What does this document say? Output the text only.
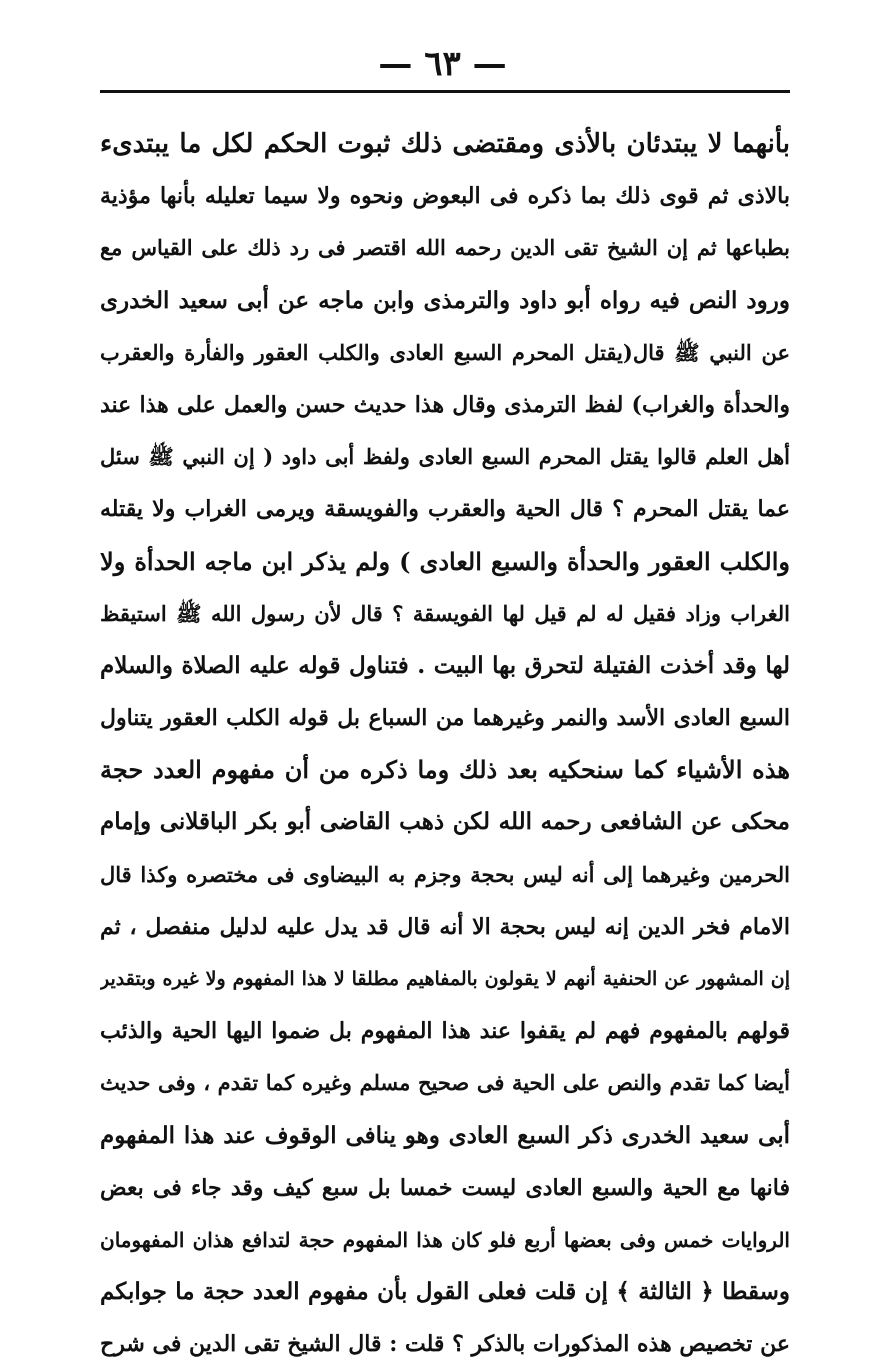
— ٦٣ —
بأنهما لا يبتدئان بالأذى ومقتضى ذلك ثبوت الحكم لكل ما يبتدىء
بالاذى ثم قوى ذلك بما ذكره فى البعوض ونحوه ولا سيما تعليله بأنها مؤذية
بطباعها ثم إن الشيخ تقى الدين رحمه الله اقتصر فى رد ذلك على القياس مع
ورود النص فيه رواه أبو داود والترمذى وابن ماجه عن أبى سعيد الخدرى
عن النبي ﷺ قال(يقتل المحرم السبع العادى والكلب العقور والفأرة والعقرب
والحدأة والغراب) لفظ الترمذى وقال هذا حديث حسن والعمل على هذا عند
أهل العلم قالوا يقتل المحرم السبع العادى ولفظ أبى داود ( إن النبي ﷺ سئل
عما يقتل المحرم ؟ قال الحية والعقرب والفويسقة ويرمى الغراب ولا يقتله
والكلب العقور والحدأة والسبع العادى ) ولم يذكر ابن ماجه الحدأة ولا
الغراب وزاد فقيل له لم قيل لها الفويسقة ؟ قال لأن رسول الله ﷺ استيقظ
لها وقد أخذت الفتيلة لتحرق بها البيت . فتناول قوله عليه الصلاة والسلام
السبع العادى الأسد والنمر وغيرهما من السباع بل قوله الكلب العقور يتناول
هذه الأشياء كما سنحكيه بعد ذلك وما ذكره من أن مفهوم العدد حجة
محكى عن الشافعى رحمه الله لكن ذهب القاضى أبو بكر الباقلانى وإمام
الحرمين وغيرهما إلى أنه ليس بحجة وجزم به البيضاوى فى مختصره وكذا قال
الامام فخر الدين إنه ليس بحجة الا أنه قال قد يدل عليه لدليل منفصل ، ثم
إن المشهور عن الحنفية أنهم لا يقولون بالمفاهيم مطلقا لا هذا المفهوم ولا غيره وبتقدير
قولهم بالمفهوم فهم لم يقفوا عند هذا المفهوم بل ضموا اليها الحية والذئب
أيضا كما تقدم والنص على الحية فى صحيح مسلم وغيره كما تقدم ، وفى حديث
أبى سعيد الخدرى ذكر السبع العادى وهو ينافى الوقوف عند هذا المفهوم
فانها مع الحية والسبع العادى ليست خمسا بل سبع كيف وقد جاء فى بعض
الروايات خمس وفى بعضها أربع فلو كان هذا المفهوم حجة لتدافع هذان المفهومان
وسقطا ﴿ الثالثة ﴾ إن قلت فعلى القول بأن مفهوم العدد حجة ما جوابكم
عن تخصيص هذه المذكورات بالذكر ؟ قلت : قال الشيخ تقى الدين فى شرح
